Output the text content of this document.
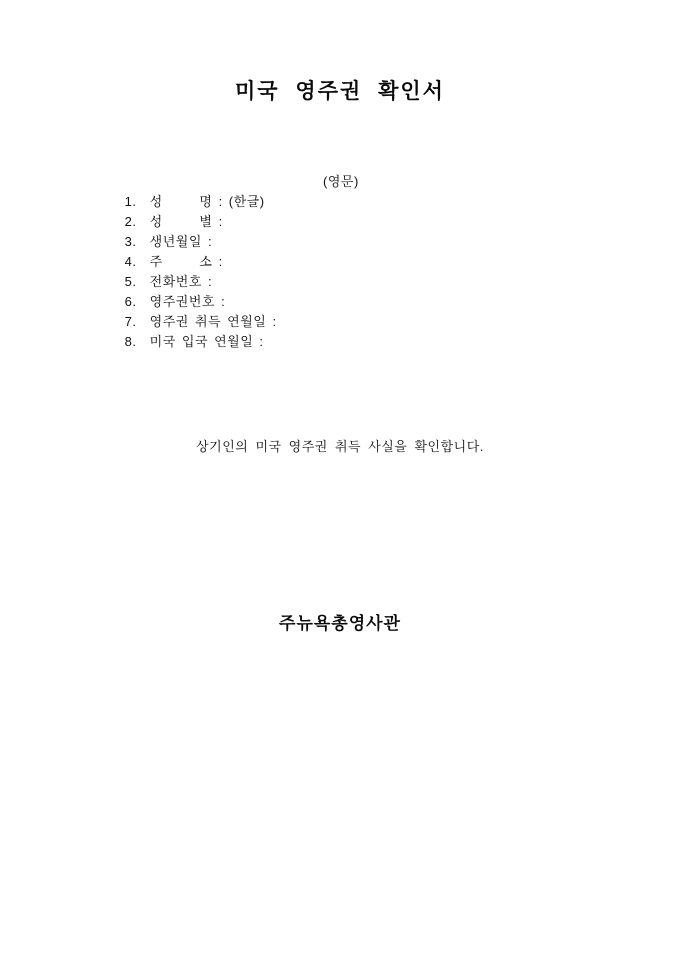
미국 영주권 확인서

1. 성      명 : (한글)
(영문)

2. 성      별 :

3. 생년월일 :

4. 주      소 :

5. 전화번호 :

6. 영주권번호 :

7. 영주권 취득 연월일 :

8. 미국 입국 연월일 :

상기인의 미국 영주권 취득 사실을 확인합니다.

주뉴욕총영사관
